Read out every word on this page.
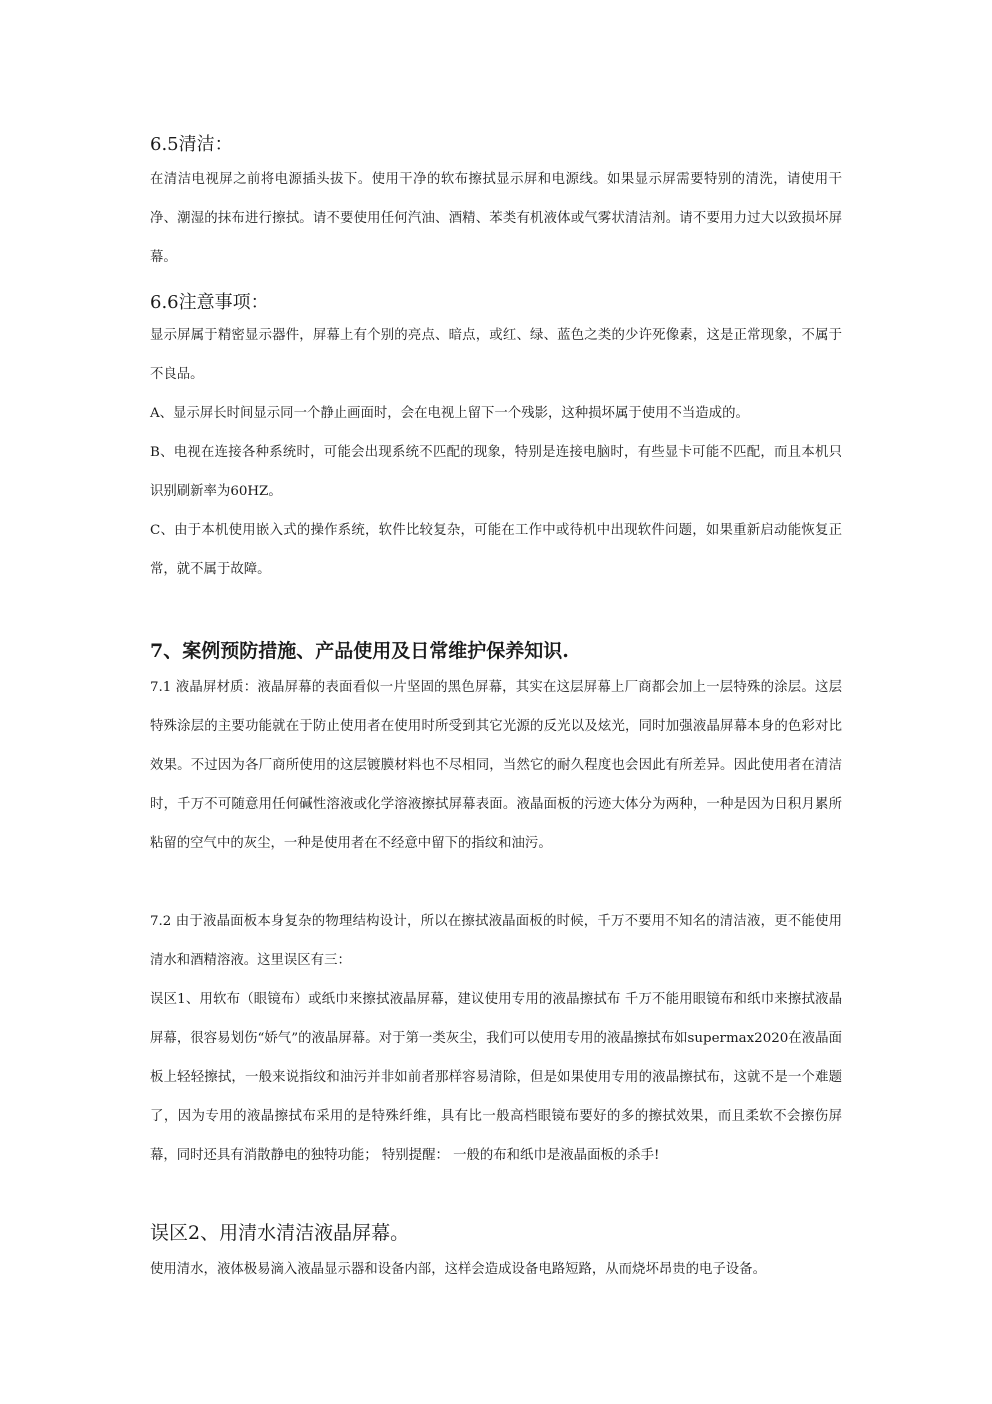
6.5清洁：

在清洁电视屏之前将电源插头拔下。使用干净的软布擦拭显示屏和电源线。如果显示屏需要特别的清洗，请使用干净、潮湿的抹布进行擦拭。请不要使用任何汽油、酒精、苯类有机液体或气雾状清洁剂。请不要用力过大以致损坏屏幕。

6.6注意事项：

显示屏属于精密显示器件，屏幕上有个别的亮点、暗点，或红、绿、蓝色之类的少许死像素，这是正常现象，不属于不良品。

A、显示屏长时间显示同一个静止画面时，会在电视上留下一个残影，这种损坏属于使用不当造成的。

B、电视在连接各种系统时，可能会出现系统不匹配的现象，特别是连接电脑时，有些显卡可能不匹配，而且本机只识别刷新率为60HZ。

C、由于本机使用嵌入式的操作系统，软件比较复杂，可能在工作中或待机中出现软件问题，如果重新启动能恢复正常，就不属于故障。

7、案例预防措施、产品使用及日常维护保养知识.

7.1 液晶屏材质：液晶屏幕的表面看似一片坚固的黑色屏幕，其实在这层屏幕上厂商都会加上一层特殊的涂层。这层特殊涂层的主要功能就在于防止使用者在使用时所受到其它光源的反光以及炫光，同时加强液晶屏幕本身的色彩对比效果。不过因为各厂商所使用的这层镀膜材料也不尽相同，当然它的耐久程度也会因此有所差异。因此使用者在清洁时，千万不可随意用任何碱性溶液或化学溶液擦拭屏幕表面。液晶面板的污迹大体分为两种，一种是因为日积月累所粘留的空气中的灰尘，一种是使用者在不经意中留下的指纹和油污。

7.2 由于液晶面板本身复杂的物理结构设计，所以在擦拭液晶面板的时候，千万不要用不知名的清洁液，更不能使用清水和酒精溶液。这里误区有三：

误区1、用软布（眼镜布）或纸巾来擦拭液晶屏幕，建议使用专用的液晶擦拭布 千万不能用眼镜布和纸巾来擦拭液晶屏幕，很容易划伤“娇气”的液晶屏幕。对于第一类灰尘，我们可以使用专用的液晶擦拭布如supermax2020在液晶面板上轻轻擦拭，一般来说指纹和油污并非如前者那样容易清除，但是如果使用专用的液晶擦拭布，这就不是一个难题了，因为专用的液晶擦拭布采用的是特殊纤维，具有比一般高档眼镜布要好的多的擦拭效果，而且柔软不会擦伤屏幕，同时还具有消散静电的独特功能； 特别提醒： 一般的布和纸巾是液晶面板的杀手!

误区2、用清水清洁液晶屏幕。

使用清水，液体极易滴入液晶显示器和设备内部，这样会造成设备电路短路，从而烧坏昂贵的电子设备。
